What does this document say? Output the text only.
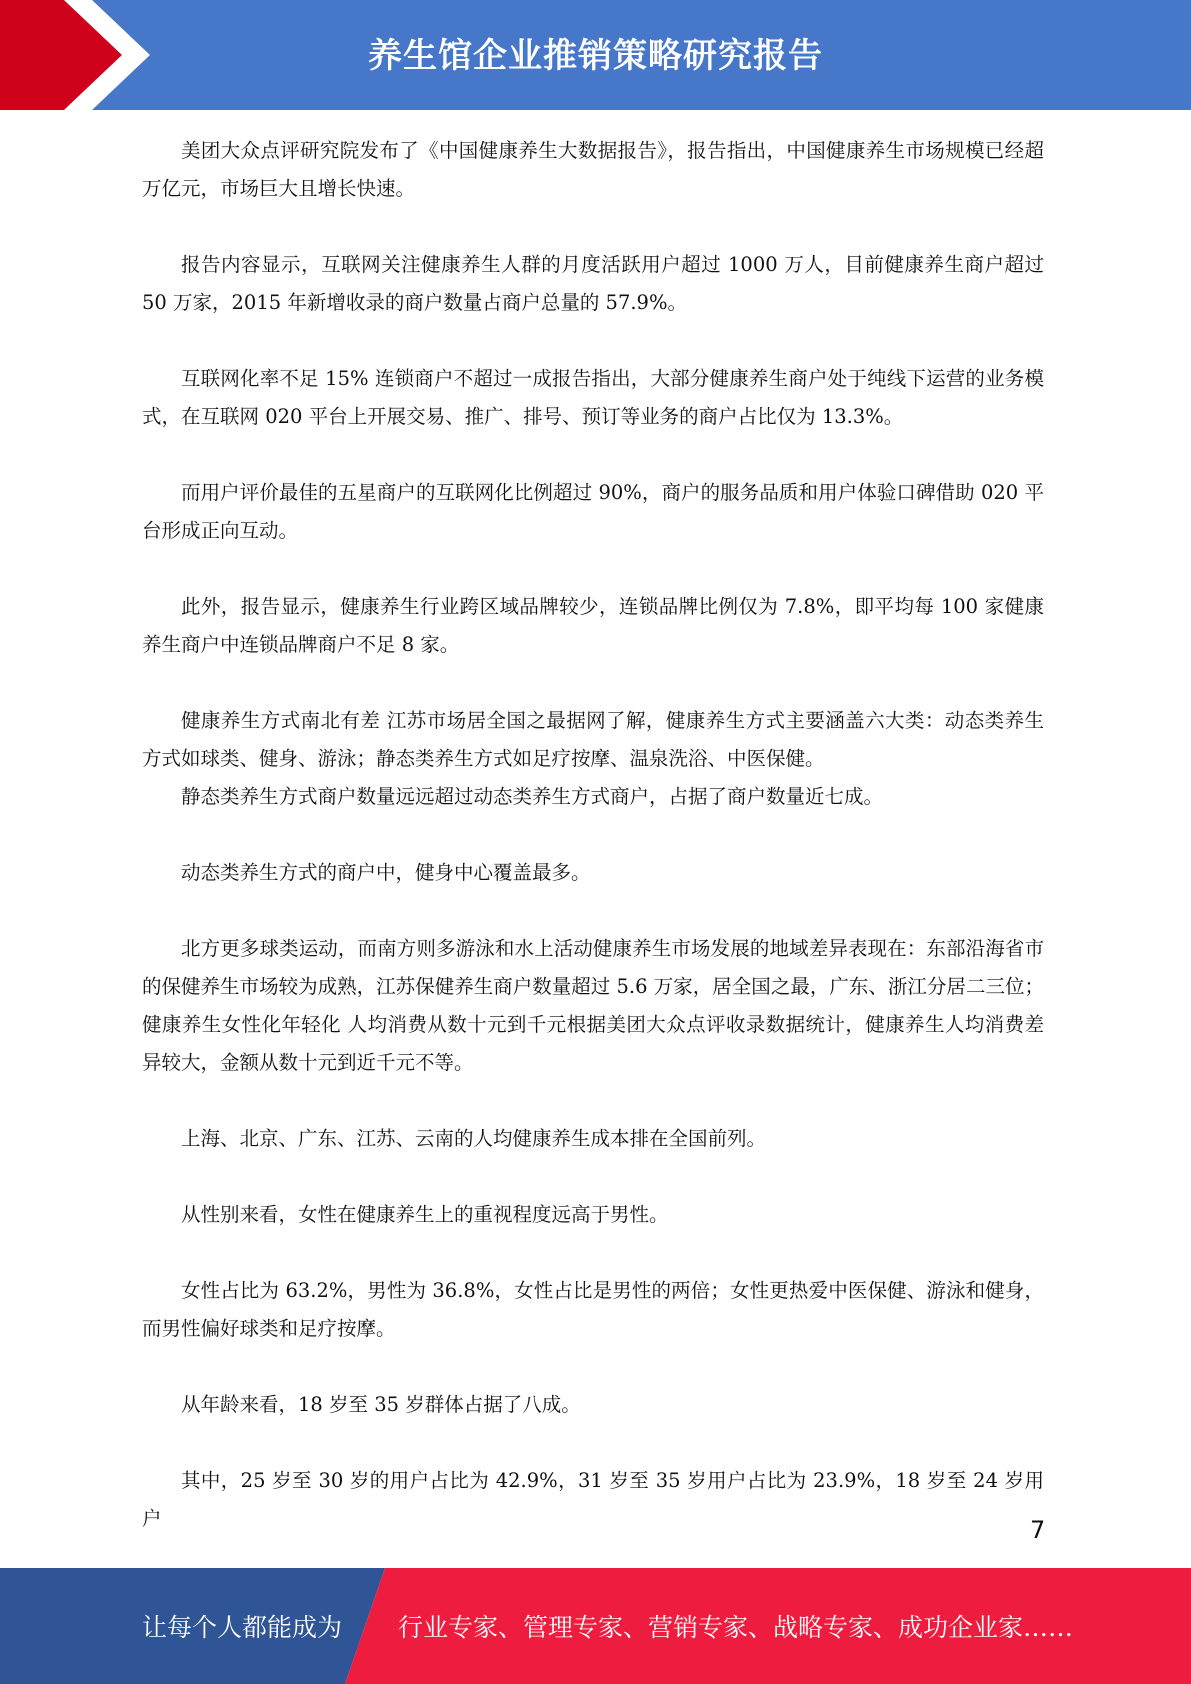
养生馆企业推销策略研究报告

美团大众点评研究院发布了《中国健康养生大数据报告》，报告指出，中国健康养生市场规模已经超万亿元，市场巨大且增长快速。

报告内容显示，互联网关注健康养生人群的月度活跃用户超过 1000 万人，目前健康养生商户超过 50 万家，2015 年新增收录的商户数量占商户总量的 57.9%。

互联网化率不足 15% 连锁商户不超过一成报告指出，大部分健康养生商户处于纯线下运营的业务模式，在互联网 020 平台上开展交易、推广、排号、预订等业务的商户占比仅为 13.3%。

而用户评价最佳的五星商户的互联网化比例超过 90%，商户的服务品质和用户体验口碑借助 020 平台形成正向互动。

此外，报告显示，健康养生行业跨区域品牌较少，连锁品牌比例仅为 7.8%，即平均每 100 家健康养生商户中连锁品牌商户不足 8 家。

健康养生方式南北有差 江苏市场居全国之最据网了解，健康养生方式主要涵盖六大类：动态类养生方式如球类、健身、游泳；静态类养生方式如足疗按摩、温泉洗浴、中医保健。

静态类养生方式商户数量远远超过动态类养生方式商户，占据了商户数量近七成。

动态类养生方式的商户中，健身中心覆盖最多。

北方更多球类运动，而南方则多游泳和水上活动健康养生市场发展的地域差异表现在：东部沿海省市的保健养生市场较为成熟，江苏保健养生商户数量超过 5.6 万家，居全国之最，广东、浙江分居二三位；健康养生女性化年轻化 人均消费从数十元到千元根据美团大众点评收录数据统计，健康养生人均消费差异较大，金额从数十元到近千元不等。

上海、北京、广东、江苏、云南的人均健康养生成本排在全国前列。

从性别来看，女性在健康养生上的重视程度远高于男性。

女性占比为 63.2%，男性为 36.8%，女性占比是男性的两倍；女性更热爱中医保健、游泳和健身，而男性偏好球类和足疗按摩。

从年龄来看，18 岁至 35 岁群体占据了八成。

其中，25 岁至 30 岁的用户占比为 42.9%，31 岁至 35 岁用户占比为 23.9%，18 岁至 24 岁用户	7
让每个人都能成为 行业专家、管理专家、营销专家、战略专家、成功企业家……
